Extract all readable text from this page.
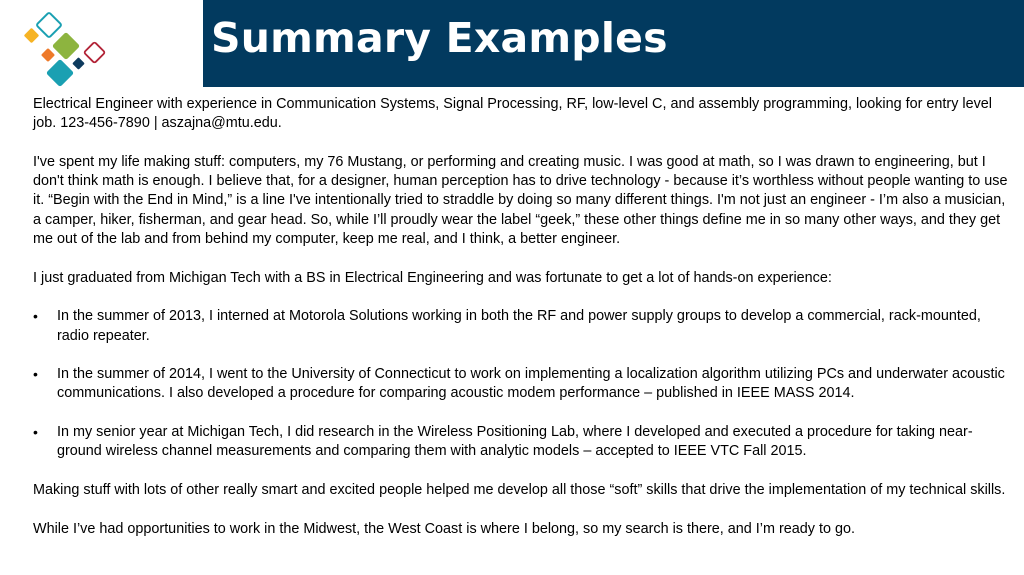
Summary Examples

Electrical Engineer with experience in Communication Systems, Signal Processing, RF, low-level C, and assembly programming, looking for entry level job. 123-456-7890 | aszajna@mtu.edu.

I've spent my life making stuff: computers, my 76 Mustang, or performing and creating music. I was good at math, so I was drawn to engineering, but I don't think math is enough. I believe that, for a designer, human perception has to drive technology - because it’s worthless without people wanting to use it. “Begin with the End in Mind,” is a line I've intentionally tried to straddle by doing so many different things. I'm not just an engineer - I’m also a musician, a camper, hiker, fisherman, and gear head. So, while I’ll proudly wear the label “geek,” these other things define me in so many other ways, and they get me out of the lab and from behind my computer, keep me real, and I think, a better engineer.

I just graduated from Michigan Tech with a BS in Electrical Engineering and was fortunate to get a lot of hands-on experience:

• In the summer of 2013, I interned at Motorola Solutions working in both the RF and power supply groups to develop a commercial, rack-mounted, radio repeater.
• In the summer of 2014, I went to the University of Connecticut to work on implementing a localization algorithm utilizing PCs and underwater acoustic communications. I also developed a procedure for comparing acoustic modem performance – published in IEEE MASS 2014.
• In my senior year at Michigan Tech, I did research in the Wireless Positioning Lab, where I developed and executed a procedure for taking near-ground wireless channel measurements and comparing them with analytic models – accepted to IEEE VTC Fall 2015.

Making stuff with lots of other really smart and excited people helped me develop all those “soft” skills that drive the implementation of my technical skills.

While I’ve had opportunities to work in the Midwest, the West Coast is where I belong, so my search is there, and I’m ready to go.
